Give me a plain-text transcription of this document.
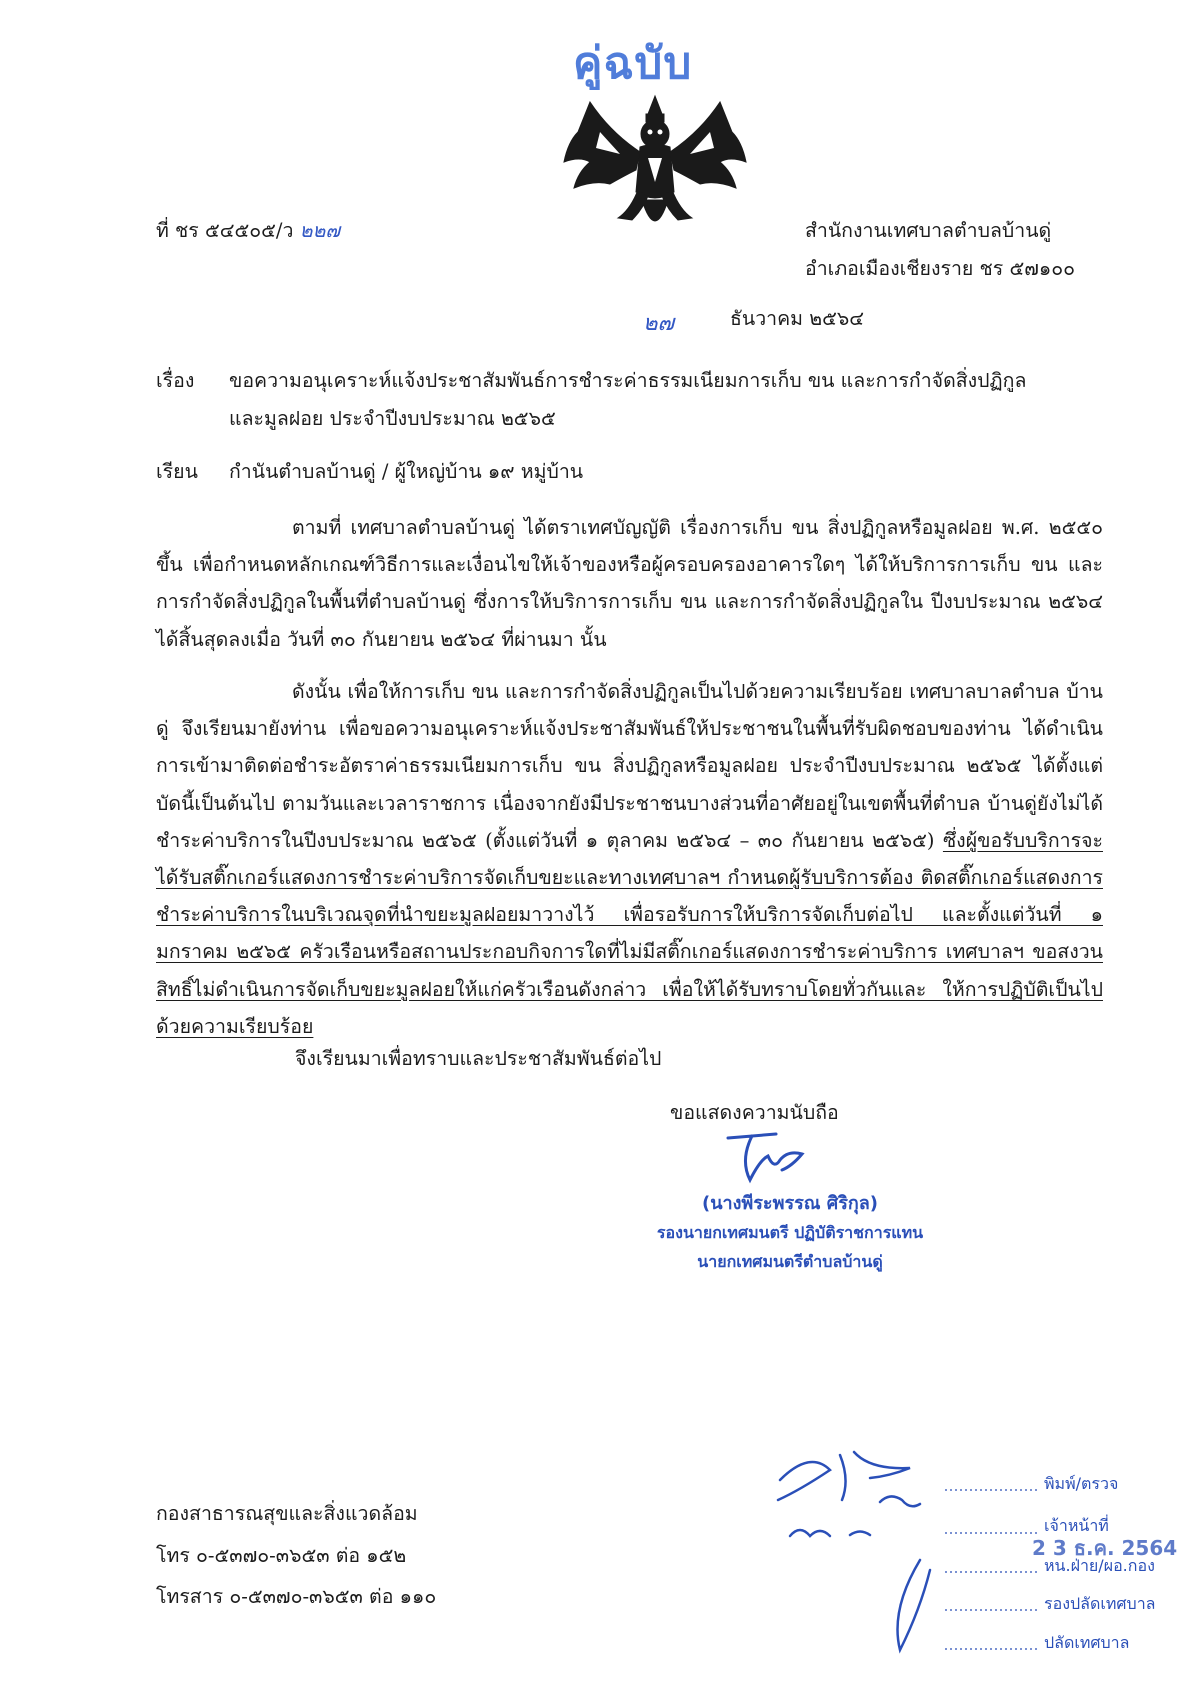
คู่ฉบับ
ที่ ชร ๕๔๕๐๕/ว ๒๒๗	สำนักงานเทศบาลตำบลบ้านดู่
อำเภอเมืองเชียงราย ชร ๕๗๑๐๐
๒๗	ธันวาคม ๒๕๖๔
เรื่อง ขอความอนุเคราะห์แจ้งประชาสัมพันธ์การชำระค่าธรรมเนียมการเก็บ ขน และการกำจัดสิ่งปฏิกูล
และมูลฝอย ประจำปีงบประมาณ ๒๕๖๕
เรียน กำนันตำบลบ้านดู่ / ผู้ใหญ่บ้าน ๑๙ หมู่บ้าน
ตามที่ เทศบาลตำบลบ้านดู่ ได้ตราเทศบัญญัติ เรื่องการเก็บ ขน สิ่งปฏิกูลหรือมูลฝอย พ.ศ. ๒๕๕๐ ขึ้น เพื่อกำหนดหลักเกณฑ์วิธีการและเงื่อนไขให้เจ้าของหรือผู้ครอบครองอาคารใดๆ ได้ให้บริการการเก็บ ขน และการกำจัดสิ่งปฏิกูลในพื้นที่ตำบลบ้านดู่ ซึ่งการให้บริการการเก็บ ขน และการกำจัดสิ่งปฏิกูลใน ปีงบประมาณ ๒๕๖๔ ได้สิ้นสุดลงเมื่อ วันที่ ๓๐ กันยายน ๒๕๖๔ ที่ผ่านมา นั้น
ดังนั้น เพื่อให้การเก็บ ขน และการกำจัดสิ่งปฏิกูลเป็นไปด้วยความเรียบร้อย เทศบาลบาลตำบล บ้านดู่ จึงเรียนมายังท่าน เพื่อขอความอนุเคราะห์แจ้งประชาสัมพันธ์ให้ประชาชนในพื้นที่รับผิดชอบของท่าน ได้ดำเนินการเข้ามาติดต่อชำระอัตราค่าธรรมเนียมการเก็บ ขน สิ่งปฏิกูลหรือมูลฝอย ประจำปีงบประมาณ ๒๕๖๕ ได้ตั้งแต่บัดนี้เป็นต้นไป ตามวันและเวลาราชการ เนื่องจากยังมีประชาชนบางส่วนที่อาศัยอยู่ในเขตพื้นที่ตำบล บ้านดู่ยังไม่ได้ชำระค่าบริการในปีงบประมาณ ๒๕๖๕ (ตั้งแต่วันที่ ๑ ตุลาคม ๒๕๖๔ – ๓๐ กันยายน ๒๕๖๕) ซึ่งผู้ขอรับบริการจะได้รับสติ๊กเกอร์แสดงการชำระค่าบริการจัดเก็บขยะและทางเทศบาลฯ กำหนดผู้รับบริการต้อง ติดสติ๊กเกอร์แสดงการชำระค่าบริการในบริเวณจุดที่นำขยะมูลฝอยมาวางไว้ เพื่อรอรับการให้บริการจัดเก็บต่อไป และตั้งแต่วันที่ ๑ มกราคม ๒๕๖๕ ครัวเรือนหรือสถานประกอบกิจการใดที่ไม่มีสติ๊กเกอร์แสดงการชำระค่าบริการ เทศบาลฯ ขอสงวนสิทธิ์ไม่ดำเนินการจัดเก็บขยะมูลฝอยให้แก่ครัวเรือนดังกล่าว เพื่อให้ได้รับทราบโดยทั่วกันและ ให้การปฏิบัติเป็นไปด้วยความเรียบร้อย
จึงเรียนมาเพื่อทราบและประชาสัมพันธ์ต่อไป
ขอแสดงความนับถือ
(นางพีระพรรณ ศิริกุล)
รองนายกเทศมนตรี ปฏิบัติราชการแทน
นายกเทศมนตรีตำบลบ้านดู่
กองสาธารณสุขและสิ่งแวดล้อม
โทร ๐-๕๓๗๐-๓๖๕๓ ต่อ ๑๕๒
โทรสาร ๐-๕๓๗๐-๓๖๕๓ ต่อ ๑๑๐
พิมพ์/ตรวจ
เจ้าหน้าที่
หน.ฝ่าย/ผอ.กอง
รองปลัดเทศบาล
ปลัดเทศบาล
2 3 ธ.ค. 2564
